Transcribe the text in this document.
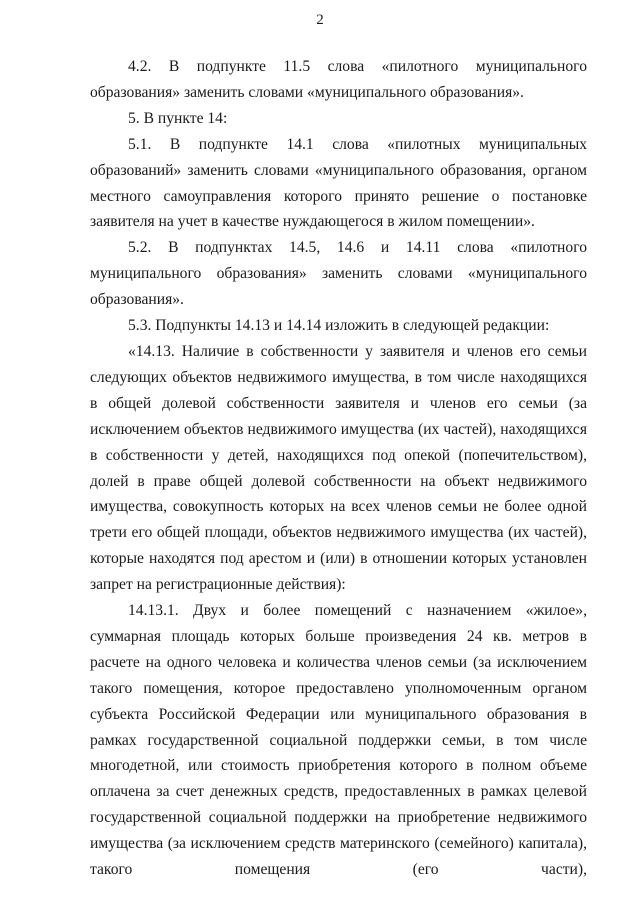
2

4.2. В подпункте 11.5 слова «пилотного муниципального образования» заменить словами «муниципального образования».

5. В пункте 14:

5.1. В подпункте 14.1 слова «пилотных муниципальных образований» заменить словами «муниципального образования, органом местного самоуправления которого принято решение о постановке заявителя на учет в качестве нуждающегося в жилом помещении».

5.2. В подпунктах 14.5, 14.6 и 14.11 слова «пилотного муниципального образования» заменить словами «муниципального образования».

5.3. Подпункты 14.13 и 14.14 изложить в следующей редакции:

«14.13. Наличие в собственности у заявителя и членов его семьи следующих объектов недвижимого имущества, в том числе находящихся в общей долевой собственности заявителя и членов его семьи (за исключением объектов недвижимого имущества (их частей), находящихся в собственности у детей, находящихся под опекой (попечительством), долей в праве общей долевой собственности на объект недвижимого имущества, совокупность которых на всех членов семьи не более одной трети его общей площади, объектов недвижимого имущества (их частей), которые находятся под арестом и (или) в отношении которых установлен запрет на регистрационные действия):

14.13.1. Двух и более помещений с назначением «жилое», суммарная площадь которых больше произведения 24 кв. метров в расчете на одного человека и количества членов семьи (за исключением такого помещения, которое предоставлено уполномоченным органом субъекта Российской Федерации или муниципального образования в рамках государственной социальной поддержки семьи, в том числе многодетной, или стоимость приобретения которого в полном объеме оплачена за счет денежных средств, предоставленных в рамках целевой государственной социальной поддержки на приобретение недвижимого имущества (за исключением средств материнского (семейного) капитала), такого помещения (его части),
